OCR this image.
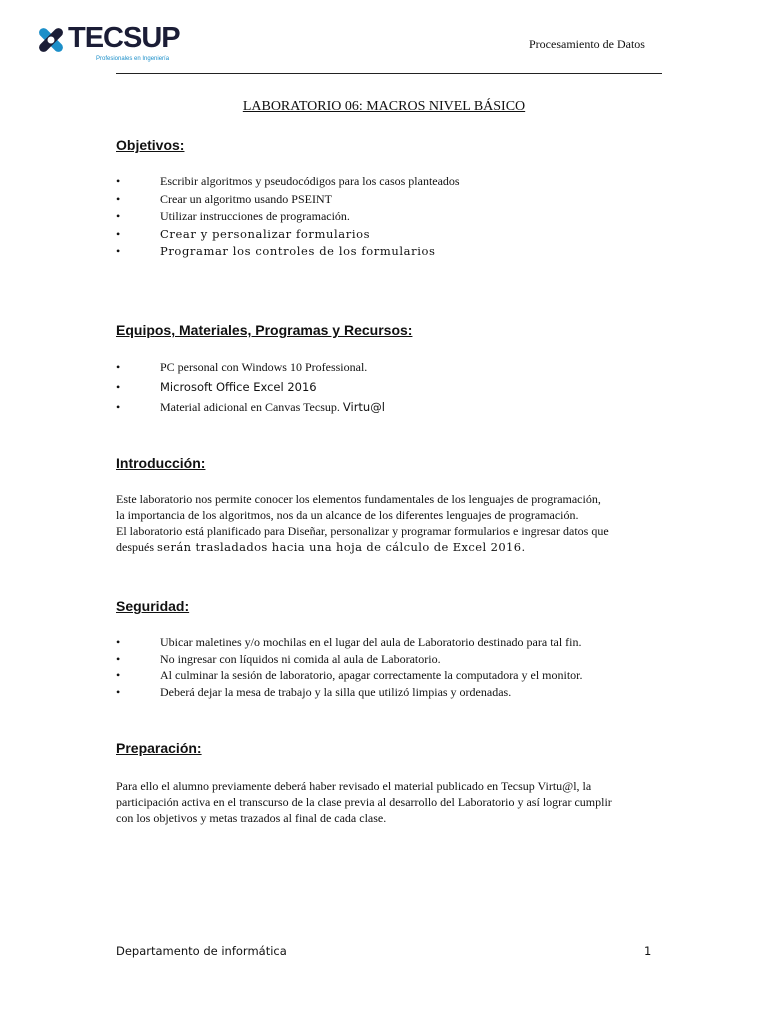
TECSUP
Profesionales en Ingeniería
Procesamiento de Datos
LABORATORIO 06: MACROS NIVEL BÁSICO
Objetivos:
•	Escribir algoritmos y pseudocódigos para los casos planteados
•	Crear un algoritmo usando PSEINT
•	Utilizar instrucciones de programación.
•	Crear y personalizar formularios
•	Programar los controles de los formularios
Equipos, Materiales, Programas y Recursos:
•	PC personal con Windows 10 Professional.
•	Microsoft Office Excel 2016
•	Material adicional en Canvas Tecsup. Virtu@l
Introducción:
Este laboratorio nos permite conocer los elementos fundamentales de los lenguajes de programación,
la importancia de los algoritmos, nos da un alcance de los diferentes lenguajes de programación.
El laboratorio está planificado para Diseñar, personalizar y programar formularios e ingresar datos que
después serán trasladados hacia una hoja de cálculo de Excel 2016.
Seguridad:
•	Ubicar maletines y/o mochilas en el lugar del aula de Laboratorio destinado para tal fin.
•	No ingresar con líquidos ni comida al aula de Laboratorio.
•	Al culminar la sesión de laboratorio, apagar correctamente la computadora y el monitor.
•	Deberá dejar la mesa de trabajo y la silla que utilizó limpias y ordenadas.
Preparación:
Para ello el alumno previamente deberá haber revisado el material publicado en Tecsup Virtu@l, la
participación activa en el transcurso de la clase previa al desarrollo del Laboratorio y así lograr cumplir
con los objetivos y metas trazados al final de cada clase.
Departamento de informática	1
